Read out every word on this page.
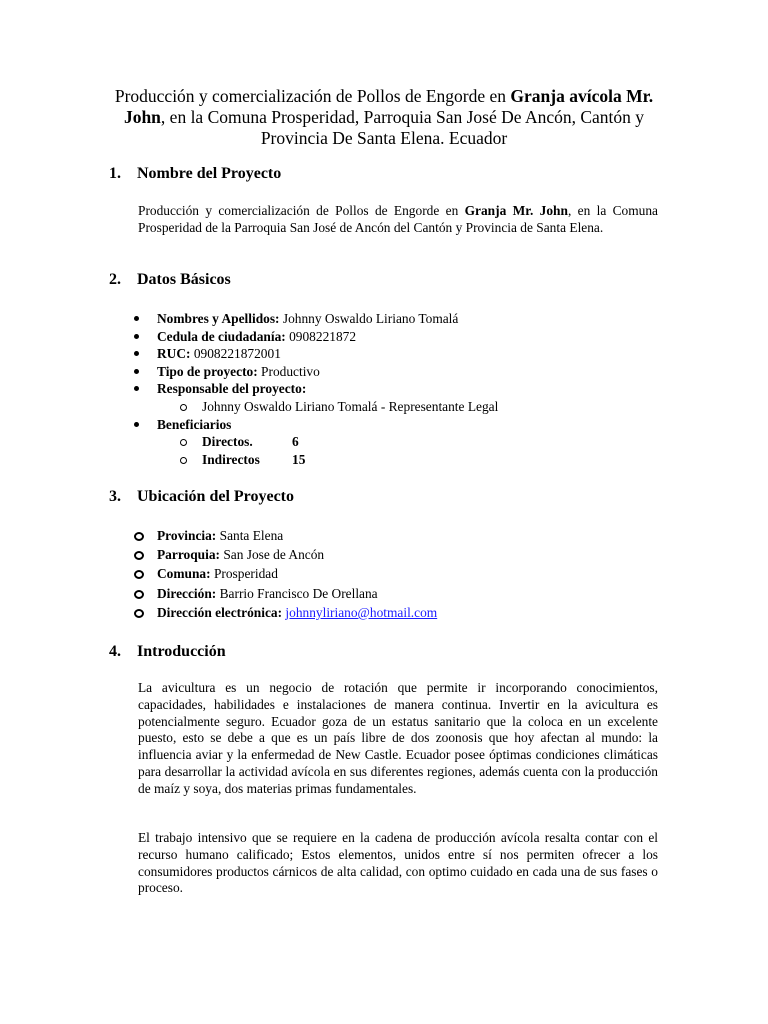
Producción y comercialización de Pollos de Engorde en Granja avícola Mr. John, en la Comuna Prosperidad, Parroquia San José De Ancón, Cantón y Provincia De Santa Elena. Ecuador
1. Nombre del Proyecto
Producción y comercialización de Pollos de Engorde en Granja Mr. John, en la Comuna Prosperidad de la Parroquia San José de Ancón del Cantón y Provincia de Santa Elena.
2. Datos Básicos
Nombres y Apellidos: Johnny Oswaldo Liriano Tomalá
Cedula de ciudadanía: 0908221872
RUC: 0908221872001
Tipo de proyecto: Productivo
Responsable del proyecto:
Johnny Oswaldo Liriano Tomalá - Representante Legal
Beneficiarios
Directos.	6
Indirectos 15
3. Ubicación del Proyecto
Provincia: Santa Elena
Parroquia: San Jose de Ancón
Comuna: Prosperidad
Dirección: Barrio Francisco De Orellana
Dirección electrónica: johnnyliriano@hotmail.com
4. Introducción
La avicultura es un negocio de rotación que permite ir incorporando conocimientos, capacidades, habilidades e instalaciones de manera continua. Invertir en la avicultura es potencialmente seguro. Ecuador goza de un estatus sanitario que la coloca en un excelente puesto, esto se debe a que es un país libre de dos zoonosis que hoy afectan al mundo: la influencia aviar y la enfermedad de New Castle. Ecuador posee óptimas condiciones climáticas para desarrollar la actividad avícola en sus diferentes regiones, además cuenta con la producción de maíz y soya, dos materias primas fundamentales.
El trabajo intensivo que se requiere en la cadena de producción avícola resalta contar con el recurso humano calificado; Estos elementos, unidos entre sí nos permiten ofrecer a los consumidores productos cárnicos de alta calidad, con optimo cuidado en cada una de sus fases o proceso.
